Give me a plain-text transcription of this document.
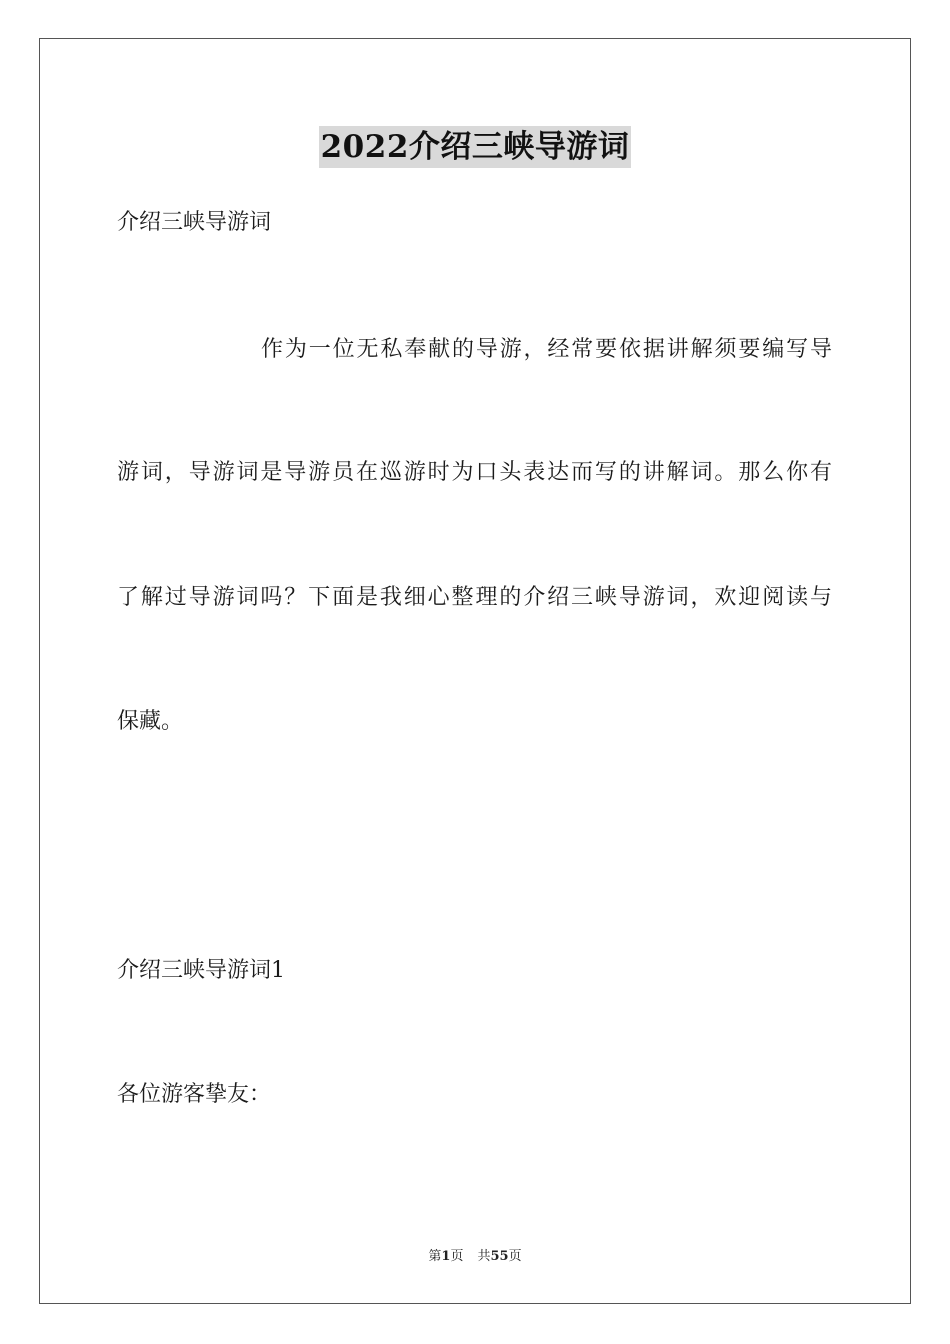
2022介绍三峡导游词
介绍三峡导游词
作为一位无私奉献的导游，经常要依据讲解须要编写导
游词，导游词是导游员在巡游时为口头表达而写的讲解词。那么你有
了解过导游词吗？下面是我细心整理的介绍三峡导游词，欢迎阅读与
保藏。
介绍三峡导游词1
各位游客挚友：
第1页 共55页
